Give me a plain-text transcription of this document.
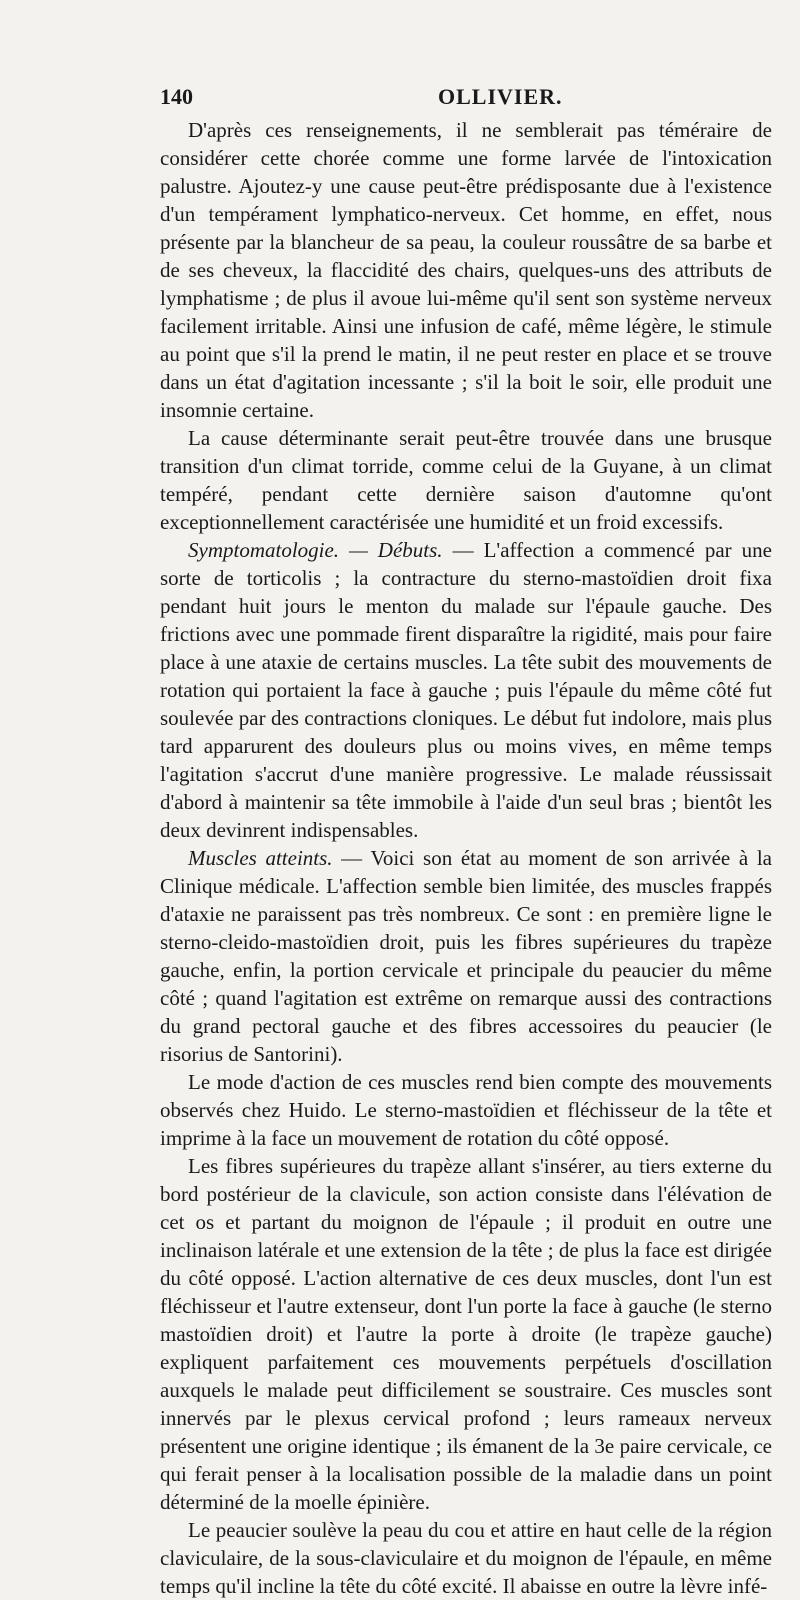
140	OLLIVIER.

D'après ces renseignements, il ne semblerait pas téméraire de considérer cette chorée comme une forme larvée de l'intoxication palustre. Ajoutez-y une cause peut-être prédisposante due à l'existence d'un tempérament lymphatico-nerveux. Cet homme, en effet, nous présente par la blancheur de sa peau, la couleur roussâtre de sa barbe et de ses cheveux, la flaccidité des chairs, quelques-uns des attributs de lymphatisme ; de plus il avoue lui-même qu'il sent son système nerveux facilement irritable. Ainsi une infusion de café, même légère, le stimule au point que s'il la prend le matin, il ne peut rester en place et se trouve dans un état d'agitation incessante ; s'il la boit le soir, elle produit une insomnie certaine.

La cause déterminante serait peut-être trouvée dans une brusque transition d'un climat torride, comme celui de la Guyane, à un climat tempéré, pendant cette dernière saison d'automne qu'ont exceptionnellement caractérisée une humidité et un froid excessifs.

Symptomatologie. — Débuts. — L'affection a commencé par une sorte de torticolis ; la contracture du sterno-mastoïdien droit fixa pendant huit jours le menton du malade sur l'épaule gauche. Des frictions avec une pommade firent disparaître la rigidité, mais pour faire place à une ataxie de certains muscles. La tête subit des mouvements de rotation qui portaient la face à gauche ; puis l'épaule du même côté fut soulevée par des contractions cloniques. Le début fut indolore, mais plus tard apparurent des douleurs plus ou moins vives, en même temps l'agitation s'accrut d'une manière progressive. Le malade réussissait d'abord à maintenir sa tête immobile à l'aide d'un seul bras ; bientôt les deux devinrent indispensables.

Muscles atteints. — Voici son état au moment de son arrivée à la Clinique médicale. L'affection semble bien limitée, des muscles frappés d'ataxie ne paraissent pas très nombreux. Ce sont : en première ligne le sterno-cleido-mastoïdien droit, puis les fibres supérieures du trapèze gauche, enfin, la portion cervicale et principale du peaucier du même côté ; quand l'agitation est extrême on remarque aussi des contractions du grand pectoral gauche et des fibres accessoires du peaucier (le risorius de Santorini).

Le mode d'action de ces muscles rend bien compte des mouvements observés chez Huido. Le sterno-mastoïdien et fléchisseur de la tête et imprime à la face un mouvement de rotation du côté opposé.

Les fibres supérieures du trapèze allant s'insérer, au tiers externe du bord postérieur de la clavicule, son action consiste dans l'élévation de cet os et partant du moignon de l'épaule ; il produit en outre une inclinaison latérale et une extension de la tête ; de plus la face est dirigée du côté opposé. L'action alternative de ces deux muscles, dont l'un est fléchisseur et l'autre extenseur, dont l'un porte la face à gauche (le sterno mastoïdien droit) et l'autre la porte à droite (le trapèze gauche) expliquent parfaitement ces mouvements perpétuels d'oscillation auxquels le malade peut difficilement se soustraire. Ces muscles sont innervés par le plexus cervical profond ; leurs rameaux nerveux présentent une origine identique ; ils émanent de la 3e paire cervicale, ce qui ferait penser à la localisation possible de la maladie dans un point déterminé de la moelle épinière.

Le peaucier soulève la peau du cou et attire en haut celle de la région claviculaire, de la sous-claviculaire et du moignon de l'épaule, en même temps qu'il incline la tête du côté excité. Il abaisse en outre la lèvre infé-
